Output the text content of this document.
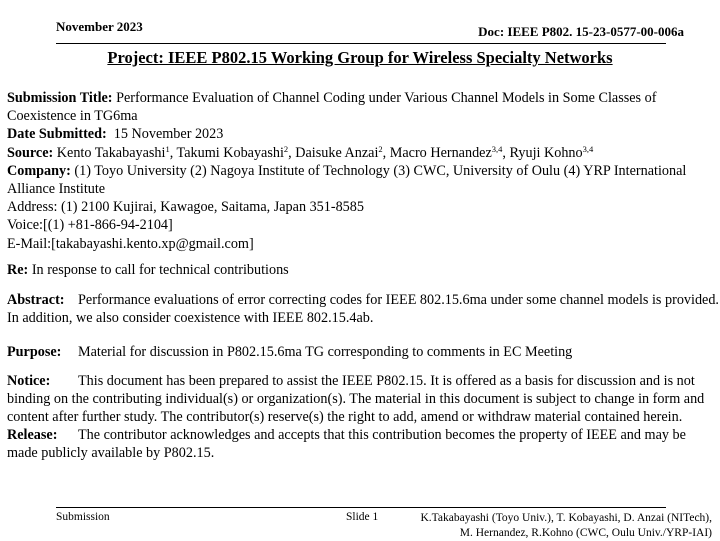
November 2023	Doc: IEEE P802. 15-23-0577-00-006a
Project: IEEE P802.15 Working Group for Wireless Specialty Networks

Submission Title: Performance Evaluation of Channel Coding under Various Channel Models in Some Classes of Coexistence in TG6ma

Date Submitted:  15 November 2023

Source: Kento Takabayashi$^1$, Takumi Kobayashi$^2$, Daisuke Anzai$^2$, Macro Hernandez$^{3,4}$, Ryuji Kohno$^{3,4}$

Company: (1) Toyo University (2) Nagoya Institute of Technology (3) CWC, University of Oulu (4) YRP International Alliance Institute

Address: (1) 2100 Kujirai, Kawagoe, Saitama, Japan 351-8585

Voice:[(1) +81-866-94-2104]

E-Mail:[takabayashi.kento.xp@gmail.com]

Re: In response to call for technical contributions

Abstract: Performance evaluations of error correcting codes for IEEE 802.15.6ma under some channel models is provided. In addition, we also consider coexistence with IEEE 802.15.4ab.

Purpose: Material for discussion in P802.15.6ma TG corresponding to comments in EC Meeting

Notice: This document has been prepared to assist the IEEE P802.15. It is offered as a basis for discussion and is not binding on the contributing individual(s) or organization(s). The material in this document is subject to change in form and content after further study. The contributor(s) reserve(s) the right to add, amend or withdraw material contained herein.

Release: The contributor acknowledges and accepts that this contribution becomes the property of IEEE and may be made publicly available by P802.15.

Submission	Slide 1	K.Takabayashi (Toyo Univ.), T. Kobayashi, D. Anzai (NITech),
M. Hernandez, R.Kohno (CWC, Oulu Univ./YRP-IAI)
